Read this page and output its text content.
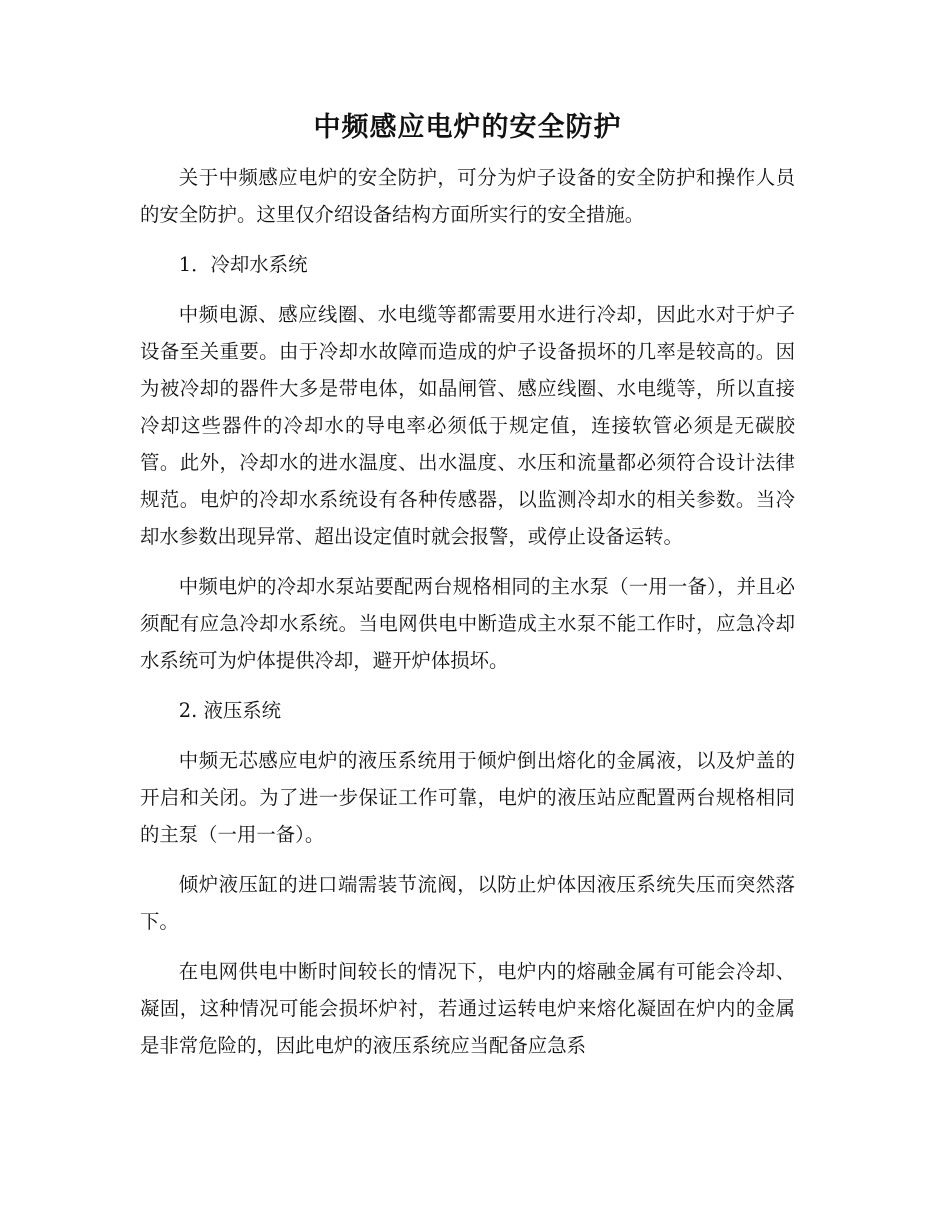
中频感应电炉的安全防护

关于中频感应电炉的安全防护，可分为炉子设备的安全防护和操作人员的安全防护。这里仅介绍设备结构方面所实行的安全措施。

1．冷却水系统

中频电源、感应线圈、水电缆等都需要用水进行冷却，因此水对于炉子设备至关重要。由于冷却水故障而造成的炉子设备损坏的几率是较高的。因为被冷却的器件大多是带电体，如晶闸管、感应线圈、水电缆等，所以直接冷却这些器件的冷却水的导电率必须低于规定值，连接软管必须是无碳胶管。此外，冷却水的进水温度、出水温度、水压和流量都必须符合设计法律规范。电炉的冷却水系统设有各种传感器，以监测冷却水的相关参数。当冷却水参数出现异常、超出设定值时就会报警，或停止设备运转。

中频电炉的冷却水泵站要配两台规格相同的主水泵（一用一备），并且必须配有应急冷却水系统。当电网供电中断造成主水泵不能工作时，应急冷却水系统可为炉体提供冷却，避开炉体损坏。

2. 液压系统

中频无芯感应电炉的液压系统用于倾炉倒出熔化的金属液，以及炉盖的开启和关闭。为了进一步保证工作可靠，电炉的液压站应配置两台规格相同的主泵（一用一备）。

倾炉液压缸的进口端需装节流阀，以防止炉体因液压系统失压而突然落下。

在电网供电中断时间较长的情况下，电炉内的熔融金属有可能会冷却、凝固，这种情况可能会损坏炉衬，若通过运转电炉来熔化凝固在炉内的金属是非常危险的，因此电炉的液压系统应当配备应急系
